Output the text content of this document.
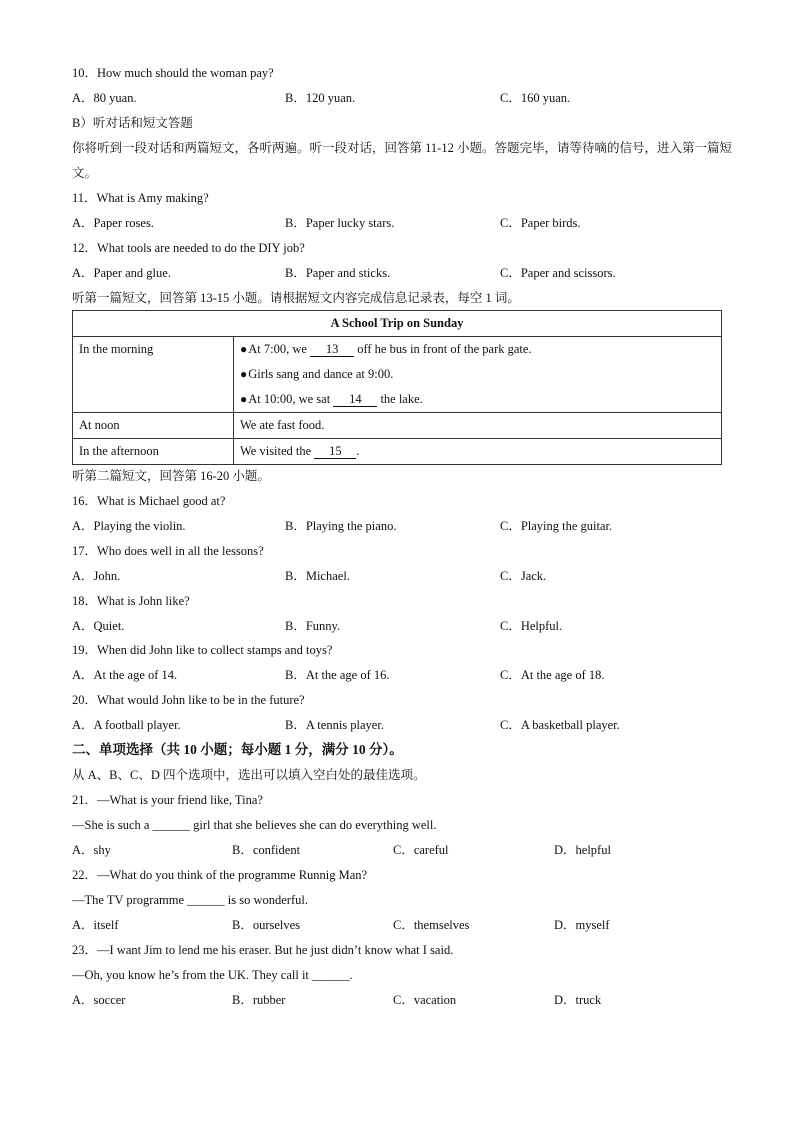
10．How much should the woman pay?
A．80 yuan.	B．120 yuan.	C．160 yuan.
B）听对话和短文答题
你将听到一段对话和两篇短文，各听两遍。听一段对话，回答第 11-12 小题。答题完毕，请等待嘀的信号，进入第一篇短文。
11．What is Amy making?
A．Paper roses.	B．Paper lucky stars.	C．Paper birds.
12．What tools are needed to do the DIY job?
A．Paper and glue.	B．Paper and sticks.	C．Paper and scissors.
听第一篇短文，回答第 13-15 小题。请根据短文内容完成信息记录表，每空 1 词。
A School Trip on Sunday	

In the morning	●At 7:00, we 13 off he bus in front of the park gate.
●Girls sang and dance at 9:00.
●At 10:00, we sat 14 the lake.

At noon	We ate fast food.

In the afternoon	We visited the 15 .
听第二篇短文，回答第 16-20 小题。
16．What is Michael good at?
A．Playing the violin.	B．Playing the piano.	C．Playing the guitar.
17．Who does well in all the lessons?
A．John.	B．Michael.	C．Jack.
18．What is John like?
A．Quiet.	B．Funny.	C．Helpful.
19．When did John like to collect stamps and toys?
A．At the age of 14.	B．At the age of 16.	C．At the age of 18.
20．What would John like to be in the future?
A．A football player.	B．A tennis player.	C．A basketball player.
二、单项选择（共 10 小题；每小题 1 分，满分 10 分）。
从 A、B、C、D 四个选项中，选出可以填入空白处的最佳选项。
21．—What is your friend like, Tina?
—She is such a ______ girl that she believes she can do everything well.
A．shy	B．confident	C．careful	D．helpful
22．—What do you think of the programme Runnig Man?
—The TV programme ______ is so wonderful.
A．itself	B．ourselves	C．themselves	D．myself
23．—I want Jim to lend me his eraser. But he just didn’t know what I said.
—Oh, you know he’s from the UK. They call it ______.
A．soccer	B．rubber	C．vacation	D．truck
